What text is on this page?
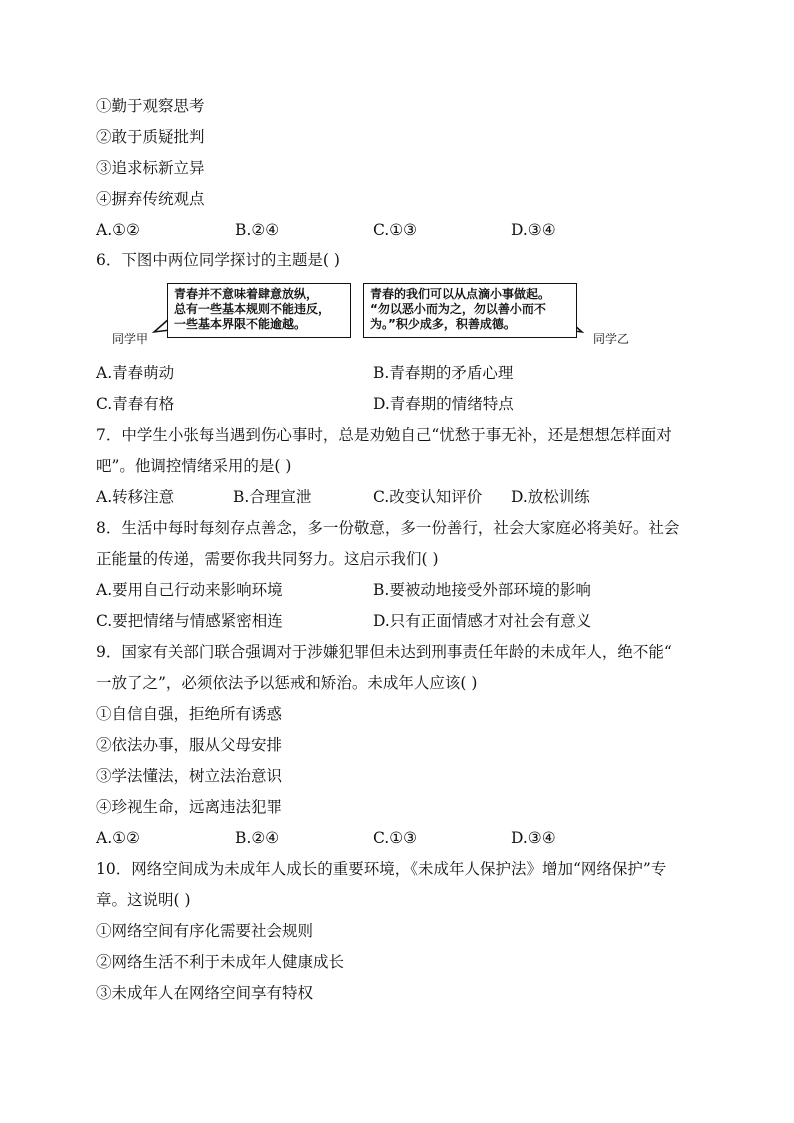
①勤于观察思考
②敢于质疑批判
③追求标新立异
④摒弃传统观点
A.①②	B.②④	C.①③	D.③④
6．下图中两位同学探讨的主题是( )
青春并不意味着肆意放纵，
总有一些基本规则不能违反，
一些基本界限不能逾越。
青春的我们可以从点滴小事做起。
“勿以恶小而为之，勿以善小而不
为。”积少成多，积善成德。
同学甲	同学乙
A.青春萌动	B.青春期的矛盾心理
C.青春有格	D.青春期的情绪特点
7．中学生小张每当遇到伤心事时，总是劝勉自己“忧愁于事无补，还是想想怎样面对
吧”。他调控情绪采用的是( )
A.转移注意	B.合理宣泄	C.改变认知评价 D.放松训练
8．生活中每时每刻存点善念，多一份敬意，多一份善行，社会大家庭必将美好。社会
正能量的传递，需要你我共同努力。这启示我们( )
A.要用自己行动来影响环境	B.要被动地接受外部环境的影响
C.要把情绪与情感紧密相连	D.只有正面情感才对社会有意义
9．国家有关部门联合强调对于涉嫌犯罪但未达到刑事责任年龄的未成年人，绝不能“
一放了之”，必须依法予以惩戒和矫治。未成年人应该( )
①自信自强，拒绝所有诱惑
②依法办事，服从父母安排
③学法懂法，树立法治意识
④珍视生命，远离违法犯罪
A.①②	B.②④	C.①③	D.③④
10．网络空间成为未成年人成长的重要环境，《未成年人保护法》增加“网络保护”专
章。这说明( )
①网络空间有序化需要社会规则
②网络生活不利于未成年人健康成长
③未成年人在网络空间享有特权
